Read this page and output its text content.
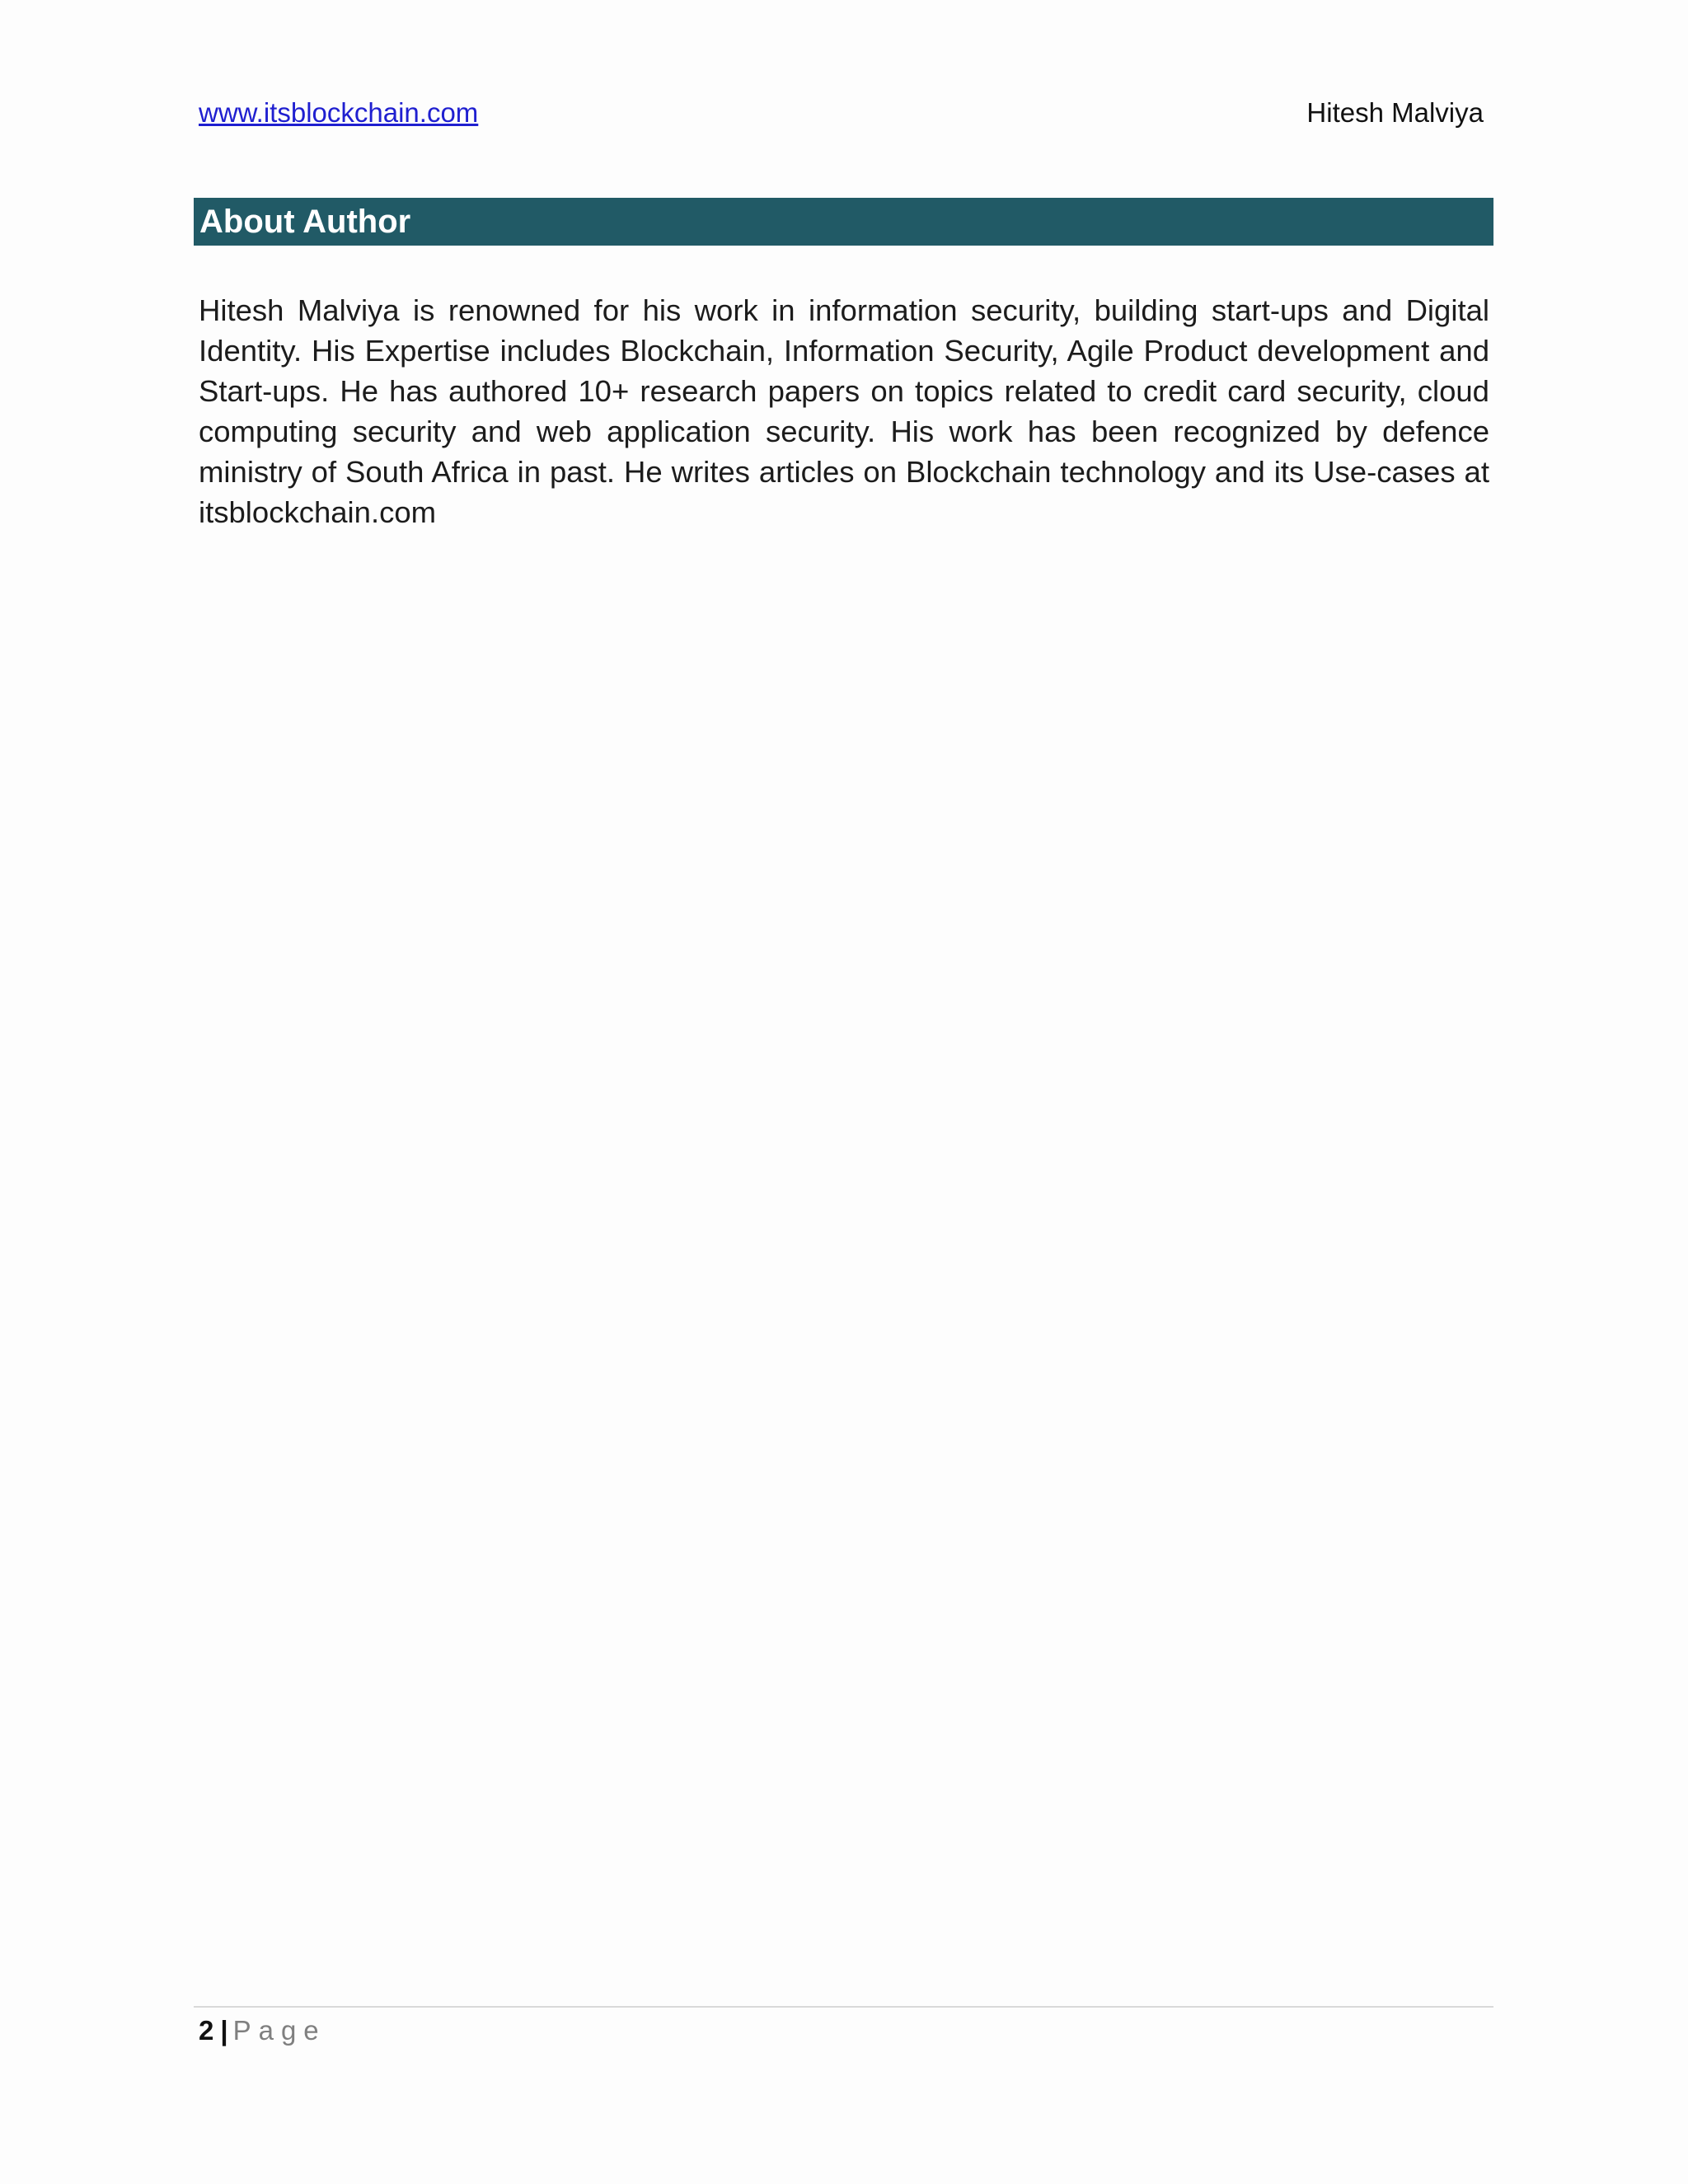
www.itsblockchain.com	Hitesh Malviya
About Author
Hitesh Malviya is renowned for his work in information security, building start-ups and Digital Identity. His Expertise includes Blockchain, Information Security, Agile Product development and Start-ups. He has authored 10+ research papers on topics related to credit card security, cloud computing security and web application security. His work has been recognized by defence ministry of South Africa in past. He writes articles on Blockchain technology and its Use-cases at itsblockchain.com
2 | Page
